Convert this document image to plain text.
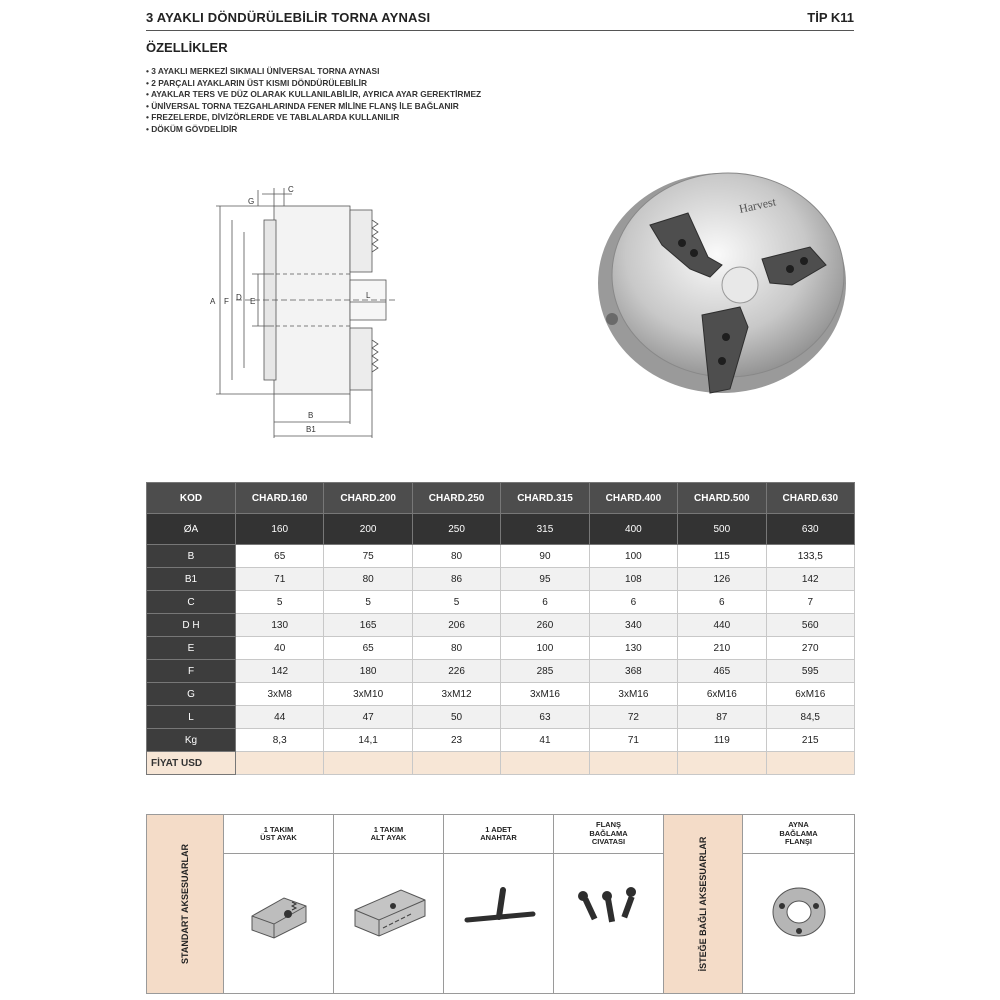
3 AYAKLI DÖNDÜRÜLEBİLİR TORNA AYNASI	TİP K11
ÖZELLİKLER
• 3 AYAKLI MERKEZİ SIKMALI ÜNİVERSAL TORNA AYNASI
• 2 PARÇALI AYAKLARIN ÜST KISMI DÖNDÜRÜLEBİLİR
• AYAKLAR TERS VE DÜZ OLARAK KULLANILABİLİR, AYRICA AYAR GEREKTİRMEZ
• ÜNİVERSAL TORNA TEZGAHLARINDA FENER MİLİNE FLANŞ İLE BAĞLANIR
• FREZELERDE, DİVİZÖRLERDE VE TABLALARDA KULLANILIR
• DÖKÜM GÖVDELİDİR
C
G
A F D E
L
B
B1
Harvest
KOD	CHARD.160	CHARD.200	CHARD.250	CHARD.315	CHARD.400	CHARD.500	CHARD.630
ØA	160	200	250	315	400	500	630
B	65	75	80	90	100	115	133,5
B1	71	80	86	95	108	126	142
C	5	5	5	6	6	6	7
D H	130	165	206	260	340	440	560
E	40	65	80	100	130	210	270
F	142	180	226	285	368	465	595
G	3xM8	3xM10	3xM12	3xM16	3xM16	6xM16	6xM16
L	44	47	50	63	72	87	84,5
Kg	8,3	14,1	23	41	71	119	215
FİYAT USD							
STANDART AKSESUARLAR
1 TAKIM
ÜST AYAK
1 TAKIM
ALT AYAK
1 ADET
ANAHTAR
FLANŞ
BAĞLAMA
CIVATASI	İSTEĞE BAĞLI AKSESUARLAR
AYNA
BAĞLAMA
FLANŞI
